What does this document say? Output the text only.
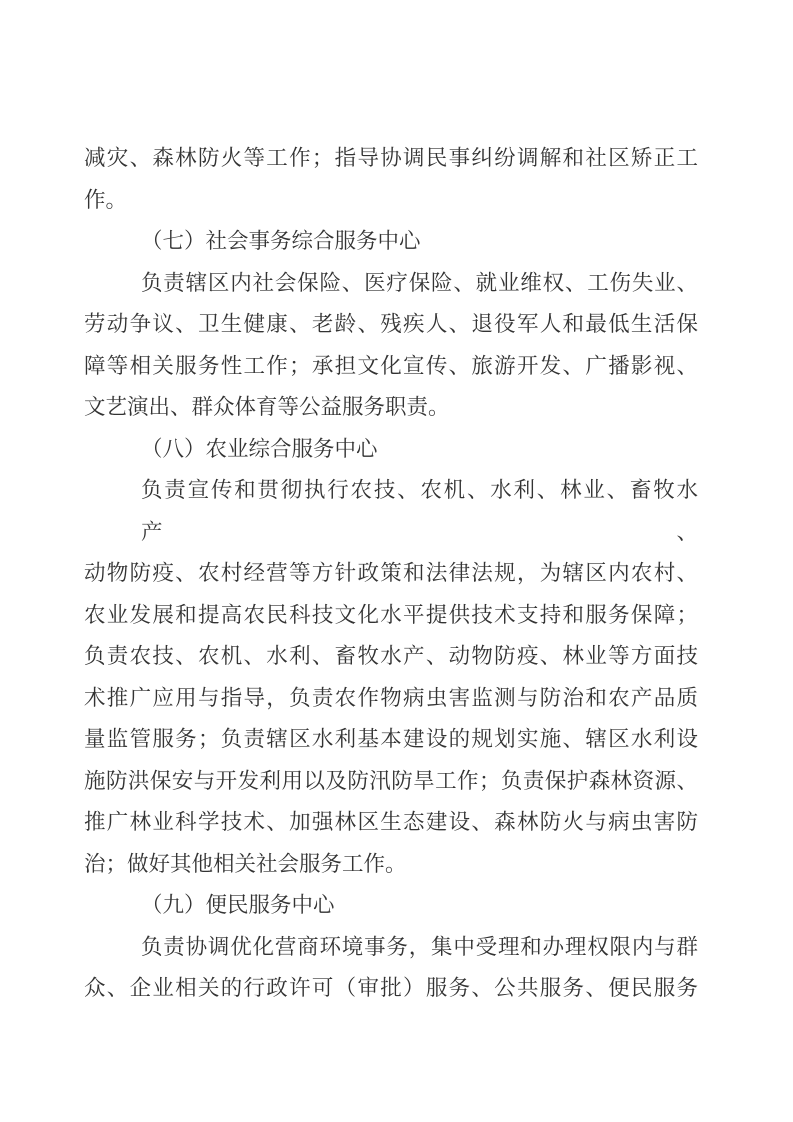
减灾、森林防火等工作；指导协调民事纠纷调解和社区矫正工
作。
（七）社会事务综合服务中心
负责辖区内社会保险、医疗保险、就业维权、工伤失业、
劳动争议、卫生健康、老龄、残疾人、退役军人和最低生活保
障等相关服务性工作；承担文化宣传、旅游开发、广播影视、
文艺演出、群众体育等公益服务职责。
（八）农业综合服务中心
负责宣传和贯彻执行农技、农机、水利、林业、畜牧水产、
动物防疫、农村经营等方针政策和法律法规，为辖区内农村、
农业发展和提高农民科技文化水平提供技术支持和服务保障；
负责农技、农机、水利、畜牧水产、动物防疫、林业等方面技
术推广应用与指导，负责农作物病虫害监测与防治和农产品质
量监管服务；负责辖区水利基本建设的规划实施、辖区水利设
施防洪保安与开发利用以及防汛防旱工作；负责保护森林资源、
推广林业科学技术、加强林区生态建设、森林防火与病虫害防
治；做好其他相关社会服务工作。
（九）便民服务中心
负责协调优化营商环境事务，集中受理和办理权限内与群
众、企业相关的行政许可（审批）服务、公共服务、便民服务
